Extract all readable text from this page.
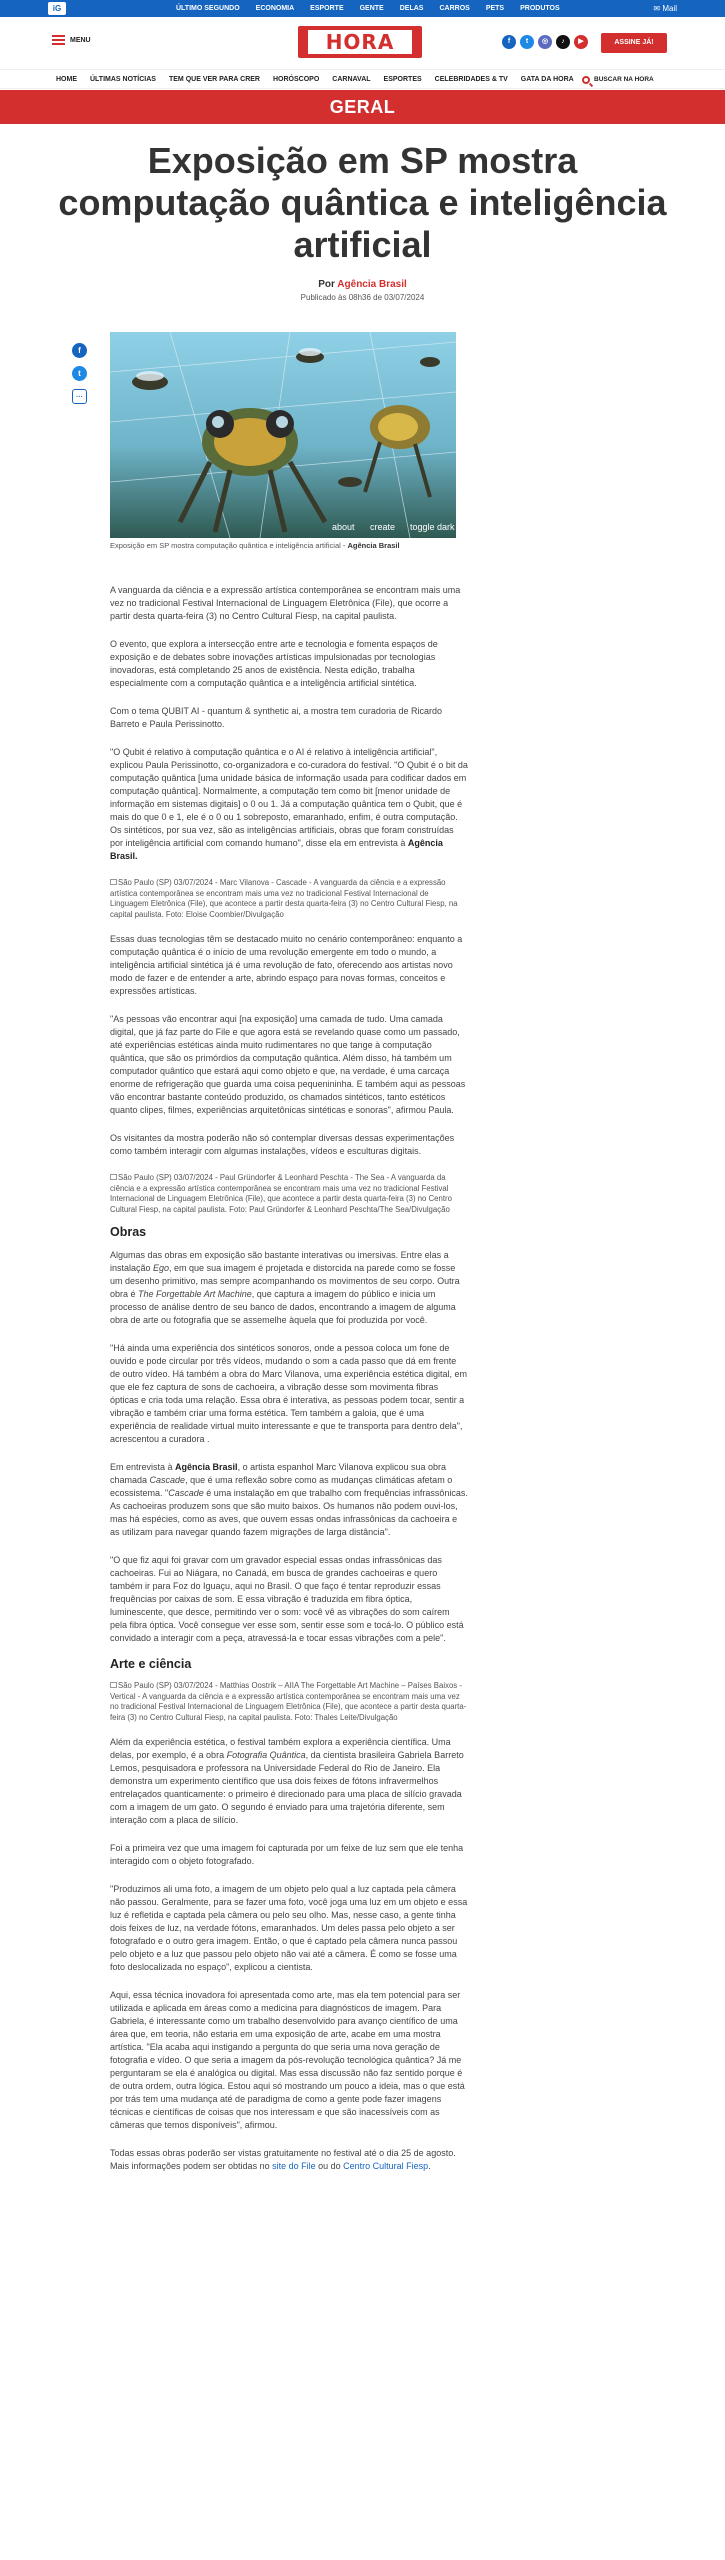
iG	ÚLTIMO SEGUNDO ECONOMIA ESPORTE GENTE DELAS CARROS PETS PRODUTOS	✉ Mail
MENU	HORA	f	t	◎	♪	▶	ASSINE JÁ!
HOME ÚLTIMAS NOTÍCIAS TEM QUE VER PARA CRER HORÓSCOPO CARNAVAL ESPORTES CELEBRIDADES & TV GATA DA HORA	BUSCAR NA HORA
GERAL
Exposição em SP mostra computação quântica e inteligência artificial
Por Agência Brasil
Publicado às 08h36 de 03/07/2024
f
t
···
about create toggle dark
Exposição em SP mostra computação quântica e inteligência artificial - Agência Brasil

A vanguarda da ciência e a expressão artística contemporânea se encontram mais uma vez no tradicional Festival Internacional de Linguagem Eletrônica (File), que ocorre a partir desta quarta-feira (3) no Centro Cultural Fiesp, na capital paulista.

O evento, que explora a intersecção entre arte e tecnologia e fomenta espaços de exposição e de debates sobre inovações artísticas impulsionadas por tecnologias inovadoras, está completando 25 anos de existência. Nesta edição, trabalha especialmente com a computação quântica e a inteligência artificial sintética.

Com o tema QUBIT AI - quantum & synthetic ai, a mostra tem curadoria de Ricardo Barreto e Paula Perissinotto.

"O Qubit é relativo à computação quântica e o AI é relativo à inteligência artificial", explicou Paula Perissinotto, co-organizadora e co-curadora do festival. "O Qubit é o bit da computação quântica [uma unidade básica de informação usada para codificar dados em computação quântica]. Normalmente, a computação tem como bit [menor unidade de informação em sistemas digitais] o 0 ou 1. Já a computação quântica tem o Qubit, que é mais do que 0 e 1, ele é o 0 ou 1 sobreposto, emaranhado, enfim, é outra computação. Os sintéticos, por sua vez, são as inteligências artificiais, obras que foram construídas por inteligência artificial com comando humano", disse ela em entrevista à Agência Brasil.

São Paulo (SP) 03/07/2024 - Marc Vilanova - Cascade - A vanguarda da ciência e a expressão artística contemporânea se encontram mais uma vez no tradicional Festival Internacional de Linguagem Eletrônica (File), que acontece a partir desta quarta-feira (3) no Centro Cultural Fiesp, na capital paulista. Foto: Eloise Coombier/Divulgação

Essas duas tecnologias têm se destacado muito no cenário contemporâneo: enquanto a computação quântica é o início de uma revolução emergente em todo o mundo, a inteligência artificial sintética já é uma revolução de fato, oferecendo aos artistas novo modo de fazer e de entender a arte, abrindo espaço para novas formas, conceitos e expressões artísticas.

"As pessoas vão encontrar aqui [na exposição] uma camada de tudo. Uma camada digital, que já faz parte do File e que agora está se revelando quase como um passado, até experiências estéticas ainda muito rudimentares no que tange à computação quântica, que são os primórdios da computação quântica. Além disso, há também um computador quântico que estará aqui como objeto e que, na verdade, é uma carcaça enorme de refrigeração que guarda uma coisa pequenininha. E também aqui as pessoas vão encontrar bastante conteúdo produzido, os chamados sintéticos, tanto estéticos quanto clipes, filmes, experiências arquitetônicas sintéticas e sonoras", afirmou Paula.

Os visitantes da mostra poderão não só contemplar diversas dessas experimentações como também interagir com algumas instalações, vídeos e esculturas digitais.

São Paulo (SP) 03/07/2024 - Paul Gründorfer & Leonhard Peschta - The Sea - A vanguarda da ciência e a expressão artística contemporânea se encontram mais uma vez no tradicional Festival Internacional de Linguagem Eletrônica (File), que acontece a partir desta quarta-feira (3) no Centro Cultural Fiesp, na capital paulista. Foto: Paul Gründorfer & Leonhard Peschta/The Sea/Divulgação

Obras

Algumas das obras em exposição são bastante interativas ou imersivas. Entre elas a instalação Ego, em que sua imagem é projetada e distorcida na parede como se fosse um desenho primitivo, mas sempre acompanhando os movimentos de seu corpo. Outra obra é The Forgettable Art Machine, que captura a imagem do público e inicia um processo de análise dentro de seu banco de dados, encontrando a imagem de alguma obra de arte ou fotografia que se assemelhe àquela que foi produzida por você.

"Há ainda uma experiência dos sintéticos sonoros, onde a pessoa coloca um fone de ouvido e pode circular por três vídeos, mudando o som a cada passo que dá em frente de outro vídeo. Há também a obra do Marc Vilanova, uma experiência estética digital, em que ele fez captura de sons de cachoeira, a vibração desse som movimenta fibras ópticas e cria toda uma relação. Essa obra é interativa, as pessoas podem tocar, sentir a vibração e também criar uma forma estética. Tem também a galoia, que é uma experiência de realidade virtual muito interessante e que te transporta para dentro dela", acrescentou a curadora .

Em entrevista à Agência Brasil, o artista espanhol Marc Vilanova explicou sua obra chamada Cascade, que é uma reflexão sobre como as mudanças climáticas afetam o ecossistema. "Cascade é uma instalação em que trabalho com frequências infrassônicas. As cachoeiras produzem sons que são muito baixos. Os humanos não podem ouvi-los, mas há espécies, como as aves, que ouvem essas ondas infrassônicas da cachoeira e as utilizam para navegar quando fazem migrações de larga distância".

"O que fiz aqui foi gravar com um gravador especial essas ondas infrassônicas das cachoeiras. Fui ao Niágara, no Canadá, em busca de grandes cachoeiras e quero também ir para Foz do Iguaçu, aqui no Brasil. O que faço é tentar reproduzir essas frequências por caixas de som. E essa vibração é traduzida em fibra óptica, luminescente, que desce, permitindo ver o som: você vê as vibrações do som caírem pela fibra óptica. Você consegue ver esse som, sentir esse som e tocá-lo. O público está convidado a interagir com a peça, atravessá-la e tocar essas vibrações com a pele".

Arte e ciência

São Paulo (SP) 03/07/2024 - Matthias Oostrik – AIIA The Forgettable Art Machine – Países Baixos - Vertical - A vanguarda da ciência e a expressão artística contemporânea se encontram mais uma vez no tradicional Festival Internacional de Linguagem Eletrônica (File), que acontece a partir desta quarta-feira (3) no Centro Cultural Fiesp, na capital paulista. Foto: Thales Leite/Divulgação

Além da experiência estética, o festival também explora a experiência científica. Uma delas, por exemplo, é a obra Fotografia Quântica, da cientista brasileira Gabriela Barreto Lemos, pesquisadora e professora na Universidade Federal do Rio de Janeiro. Ela demonstra um experimento científico que usa dois feixes de fótons infravermelhos entrelaçados quanticamente: o primeiro é direcionado para uma placa de silício gravada com a imagem de um gato. O segundo é enviado para uma trajetória diferente, sem interação com a placa de silício.

Foi a primeira vez que uma imagem foi capturada por um feixe de luz sem que ele tenha interagido com o objeto fotografado.

"Produzimos ali uma foto, a imagem de um objeto pelo qual a luz captada pela câmera não passou. Geralmente, para se fazer uma foto, você joga uma luz em um objeto e essa luz é refletida e captada pela câmera ou pelo seu olho. Mas, nesse caso, a gente tinha dois feixes de luz, na verdade fótons, emaranhados. Um deles passa pelo objeto a ser fotografado e o outro gera imagem. Então, o que é captado pela câmera nunca passou pelo objeto e a luz que passou pelo objeto não vai até a câmera. É como se fosse uma foto deslocalizada no espaço", explicou a cientista.

Aqui, essa técnica inovadora foi apresentada como arte, mas ela tem potencial para ser utilizada e aplicada em áreas como a medicina para diagnósticos de imagem. Para Gabriela, é interessante como um trabalho desenvolvido para avanço científico de uma área que, em teoria, não estaria em uma exposição de arte, acabe em uma mostra artística. "Ela acaba aqui instigando a pergunta do que seria uma nova geração de fotografia e vídeo. O que seria a imagem da pós-revolução tecnológica quântica? Já me perguntaram se ela é analógica ou digital. Mas essa discussão não faz sentido porque é de outra ordem, outra lógica. Estou aqui só mostrando um pouco a ideia, mas o que está por trás tem uma mudança até de paradigma de como a gente pode fazer imagens técnicas e científicas de coisas que nos interessam e que são inacessíveis com as câmeras que temos disponíveis", afirmou.

Todas essas obras poderão ser vistas gratuitamente no festival até o dia 25 de agosto. Mais informações podem ser obtidas no site do File ou do Centro Cultural Fiesp.
